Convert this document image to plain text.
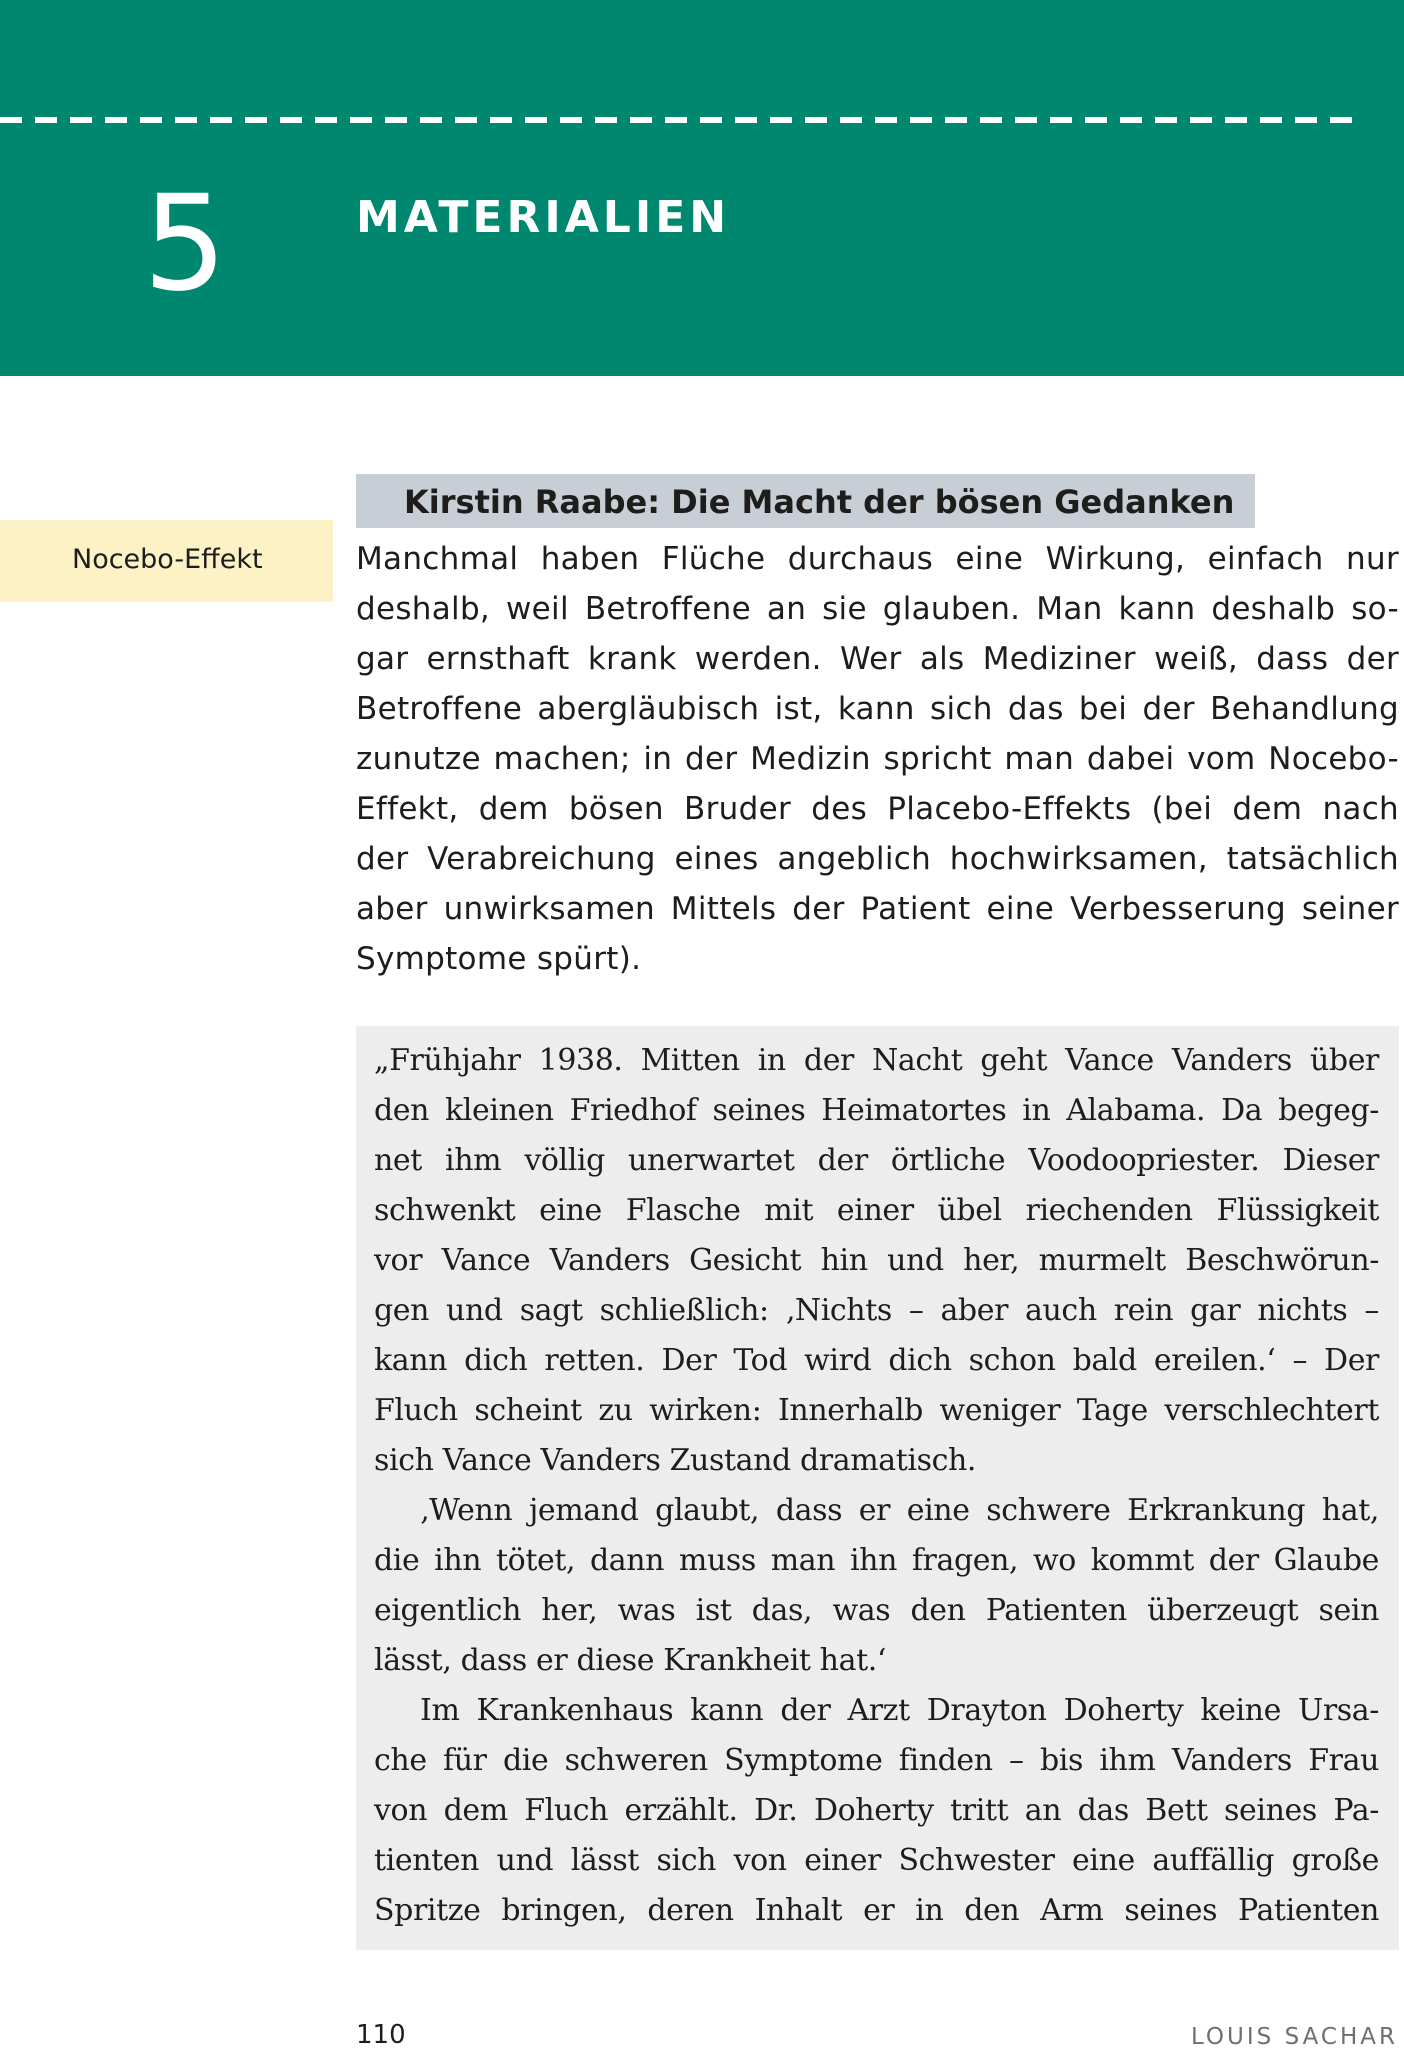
5	MATERIALIEN
Nocebo-Effekt
Kirstin Raabe: Die Macht der bösen Gedanken
Manchmal haben Flüche durchaus eine Wirkung, einfach nur
deshalb, weil Betroffene an sie glauben. Man kann deshalb so-
gar ernsthaft krank werden. Wer als Mediziner weiß, dass der
Betroffene abergläubisch ist, kann sich das bei der Behandlung
zunutze machen; in der Medizin spricht man dabei vom Nocebo-
Effekt, dem bösen Bruder des Placebo-Effekts (bei dem nach
der Verabreichung eines angeblich hochwirksamen, tatsächlich
aber unwirksamen Mittels der Patient eine Verbesserung seiner
Symptome spürt).
„Frühjahr 1938. Mitten in der Nacht geht Vance Vanders über
den kleinen Friedhof seines Heimatortes in Alabama. Da begeg-
net ihm völlig unerwartet der örtliche Voodoopriester. Dieser
schwenkt eine Flasche mit einer übel riechenden Flüssigkeit
vor Vance Vanders Gesicht hin und her, murmelt Beschwörun-
gen und sagt schließlich: ‚Nichts – aber auch rein gar nichts –
kann dich retten. Der Tod wird dich schon bald ereilen.‘ – Der
Fluch scheint zu wirken: Innerhalb weniger Tage verschlechtert
sich Vance Vanders Zustand dramatisch.
‚Wenn jemand glaubt, dass er eine schwere Erkrankung hat,
die ihn tötet, dann muss man ihn fragen, wo kommt der Glaube
eigentlich her, was ist das, was den Patienten überzeugt sein
lässt, dass er diese Krankheit hat.‘
Im Krankenhaus kann der Arzt Drayton Doherty keine Ursa-
che für die schweren Symptome finden – bis ihm Vanders Frau
von dem Fluch erzählt. Dr. Doherty tritt an das Bett seines Pa-
tienten und lässt sich von einer Schwester eine auffällig große
Spritze bringen, deren Inhalt er in den Arm seines Patienten
110	LOUIS SACHAR
